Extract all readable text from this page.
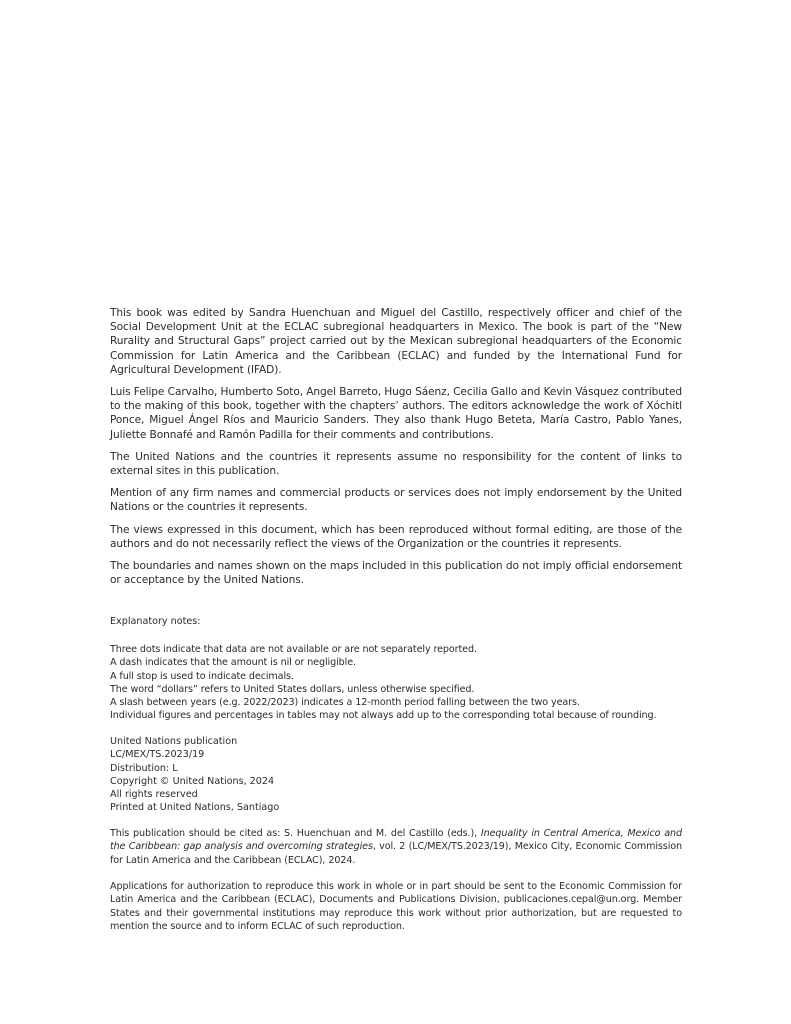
This book was edited by Sandra Huenchuan and Miguel del Castillo, respectively officer and chief of the Social Development Unit at the ECLAC subregional headquarters in Mexico. The book is part of the “New Rurality and Structural Gaps” project carried out by the Mexican subregional headquarters of the Economic Commission for Latin America and the Caribbean (ECLAC) and funded by the International Fund for Agricultural Development (IFAD).

Luis Felipe Carvalho, Humberto Soto, Angel Barreto, Hugo Sáenz, Cecilia Gallo and Kevin Vásquez contributed to the making of this book, together with the chapters’ authors. The editors acknowledge the work of Xóchitl Ponce, Miguel Ángel Ríos and Mauricio Sanders. They also thank Hugo Beteta, María Castro, Pablo Yanes, Juliette Bonnafé and Ramón Padilla for their comments and contributions.

The United Nations and the countries it represents assume no responsibility for the content of links to external sites in this publication.

Mention of any firm names and commercial products or services does not imply endorsement by the United Nations or the countries it represents.

The views expressed in this document, which has been reproduced without formal editing, are those of the authors and do not necessarily reflect the views of the Organization or the countries it represents.

The boundaries and names shown on the maps included in this publication do not imply official endorsement or acceptance by the United Nations.

Explanatory notes:
Three dots indicate that data are not available or are not separately reported.
A dash indicates that the amount is nil or negligible.
A full stop is used to indicate decimals.
The word “dollars” refers to United States dollars, unless otherwise specified.
A slash between years (e.g. 2022/2023) indicates a 12-month period falling between the two years.
Individual figures and percentages in tables may not always add up to the corresponding total because of rounding.
United Nations publication
LC/MEX/TS.2023/19
Distribution: L
Copyright © United Nations, 2024
All rights reserved
Printed at United Nations, Santiago
This publication should be cited as: S. Huenchuan and M. del Castillo (eds.), Inequality in Central America, Mexico and the Caribbean: gap analysis and overcoming strategies, vol. 2 (LC/MEX/TS.2023/19), Mexico City, Economic Commission for Latin America and the Caribbean (ECLAC), 2024.
Applications for authorization to reproduce this work in whole or in part should be sent to the Economic Commission for Latin America and the Caribbean (ECLAC), Documents and Publications Division, publicaciones.cepal@un.org. Member States and their governmental institutions may reproduce this work without prior authorization, but are requested to mention the source and to inform ECLAC of such reproduction.
